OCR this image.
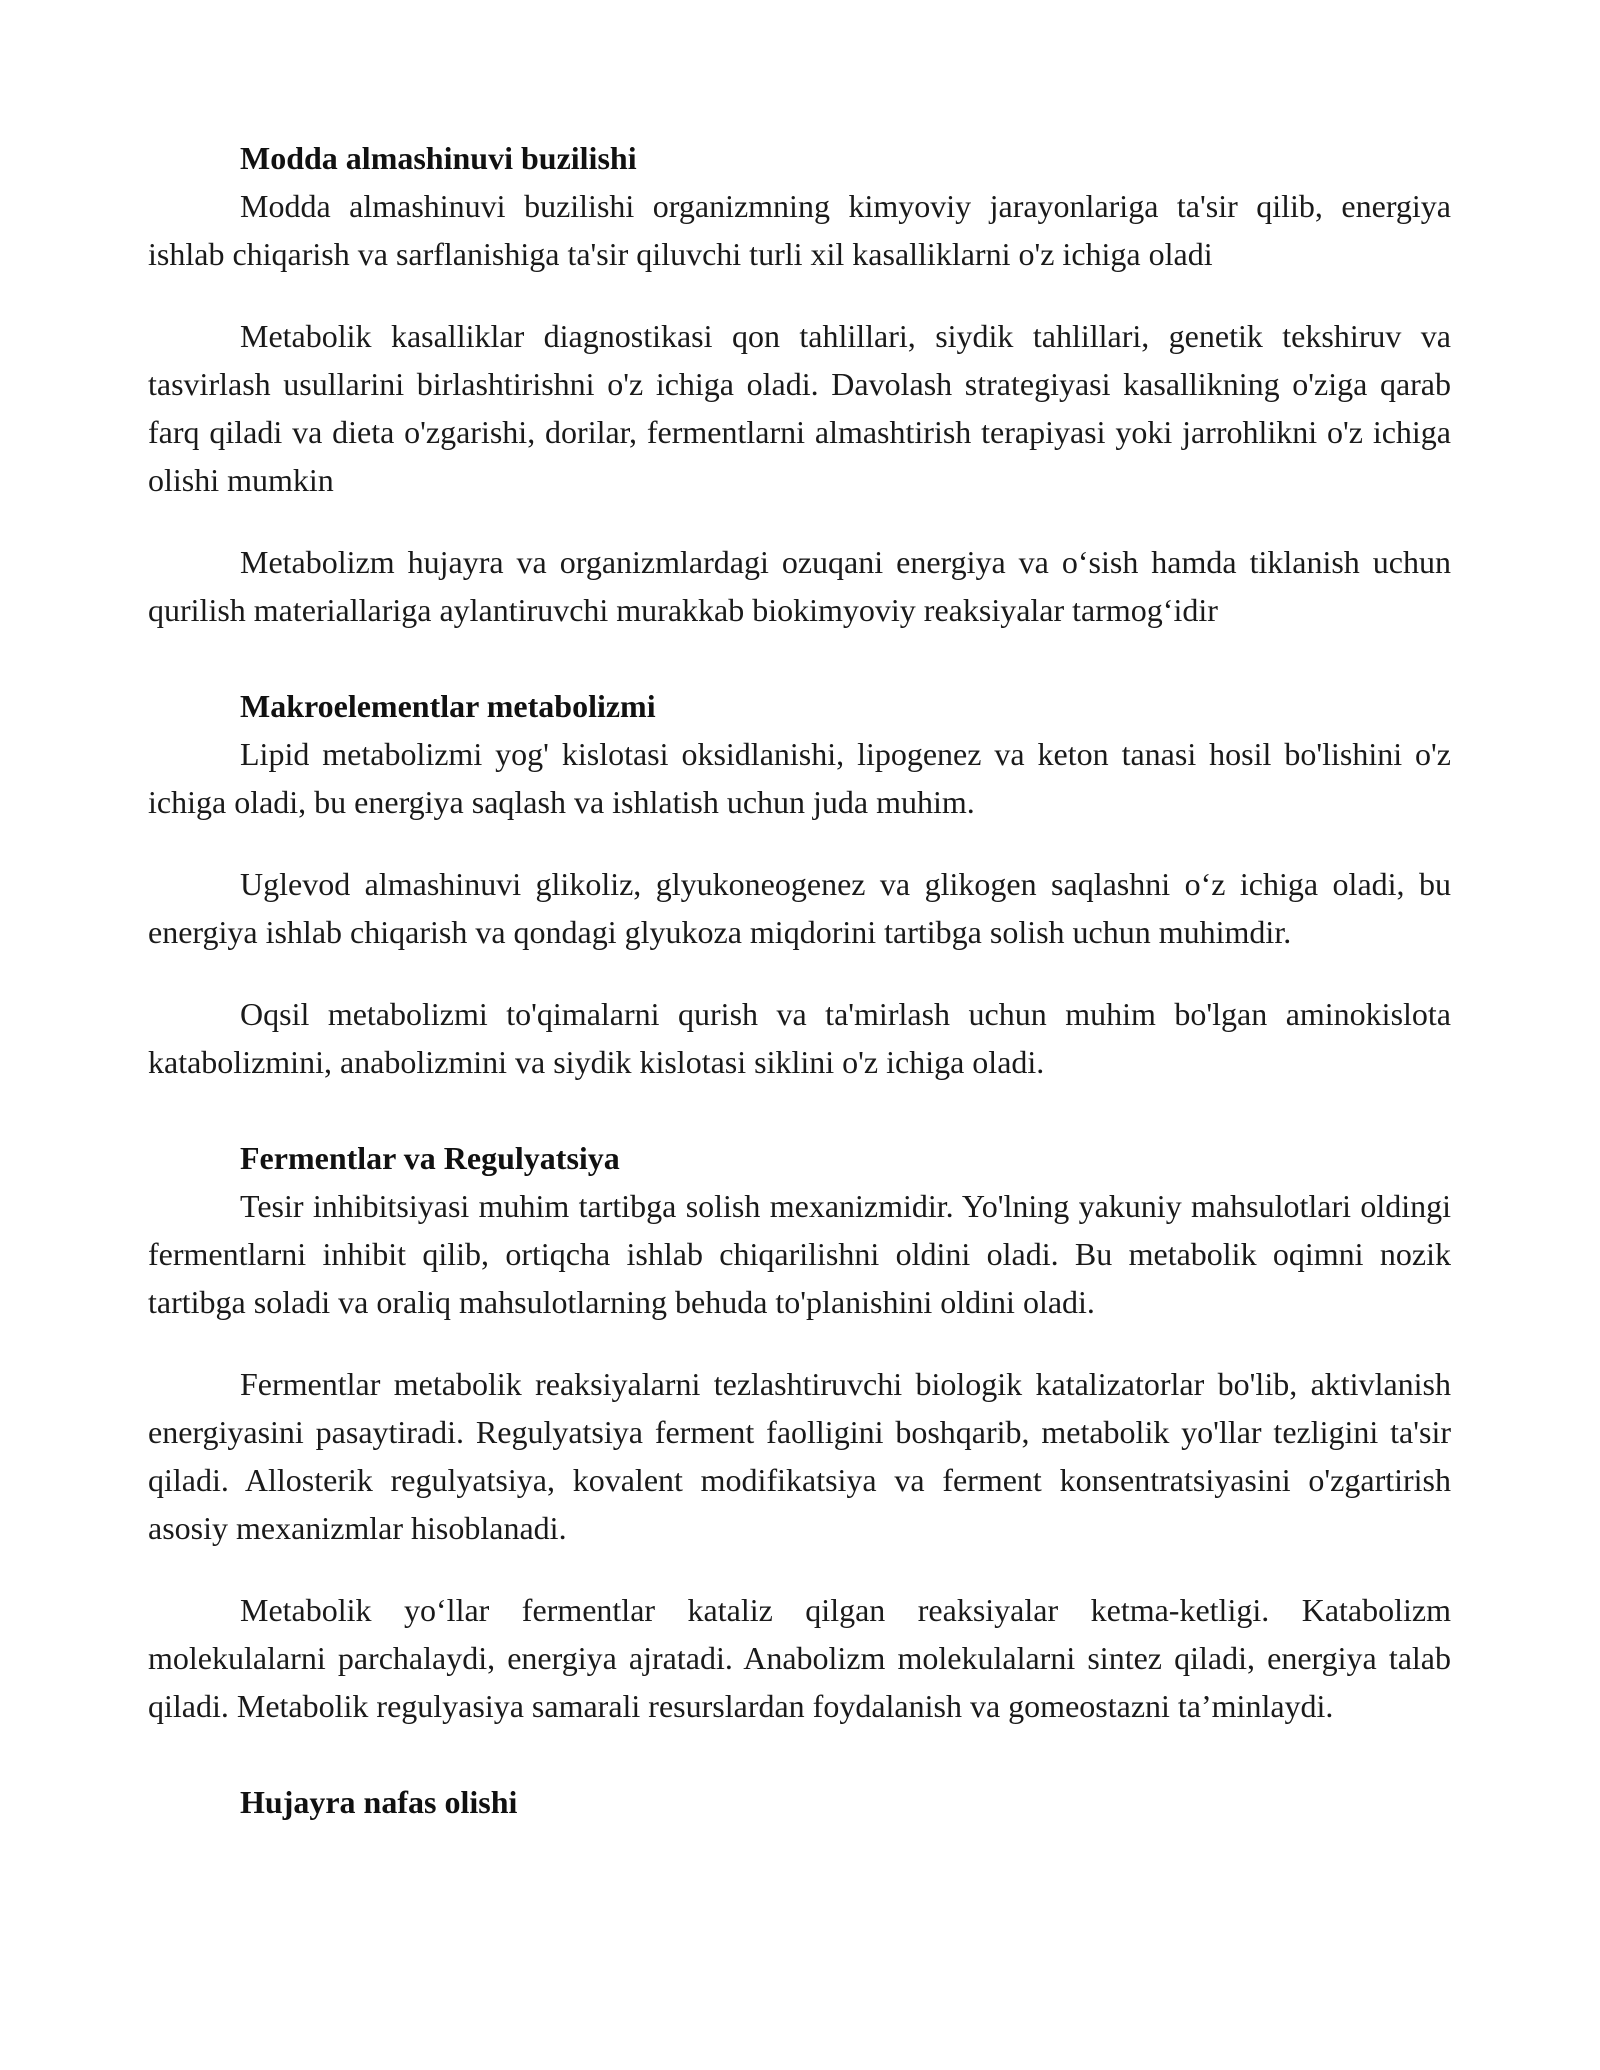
Modda almashinuvi buzilishi

Modda almashinuvi buzilishi organizmning kimyoviy jarayonlariga ta'sir qilib, energiya ishlab chiqarish va sarflanishiga ta'sir qiluvchi turli xil kasalliklarni o'z ichiga oladi

Metabolik kasalliklar diagnostikasi qon tahlillari, siydik tahlillari, genetik tekshiruv va tasvirlash usullarini birlashtirishni o'z ichiga oladi. Davolash strategiyasi kasallikning o'ziga qarab farq qiladi va dieta o'zgarishi, dorilar, fermentlarni almashtirish terapiyasi yoki jarrohlikni o'z ichiga olishi mumkin

Metabolizm hujayra va organizmlardagi ozuqani energiya va o‘sish hamda tiklanish uchun qurilish materiallariga aylantiruvchi murakkab biokimyoviy reaksiyalar tarmog‘idir

Makroelementlar metabolizmi

Lipid metabolizmi yog' kislotasi oksidlanishi, lipogenez va keton tanasi hosil bo'lishini o'z ichiga oladi, bu energiya saqlash va ishlatish uchun juda muhim.

Uglevod almashinuvi glikoliz, glyukoneogenez va glikogen saqlashni o‘z ichiga oladi, bu energiya ishlab chiqarish va qondagi glyukoza miqdorini tartibga solish uchun muhimdir.

Oqsil metabolizmi to'qimalarni qurish va ta'mirlash uchun muhim bo'lgan aminokislota katabolizmini, anabolizmini va siydik kislotasi siklini o'z ichiga oladi.

Fermentlar va Regulyatsiya

Tesir inhibitsiyasi muhim tartibga solish mexanizmidir. Yo'lning yakuniy mahsulotlari oldingi fermentlarni inhibit qilib, ortiqcha ishlab chiqarilishni oldini oladi. Bu metabolik oqimni nozik tartibga soladi va oraliq mahsulotlarning behuda to'planishini oldini oladi.

Fermentlar metabolik reaksiyalarni tezlashtiruvchi biologik katalizatorlar bo'lib, aktivlanish energiyasini pasaytiradi. Regulyatsiya ferment faolligini boshqarib, metabolik yo'llar tezligini ta'sir qiladi. Allosterik regulyatsiya, kovalent modifikatsiya va ferment konsentratsiyasini o'zgartirish asosiy mexanizmlar hisoblanadi.

Metabolik yo‘llar fermentlar kataliz qilgan reaksiyalar ketma-ketligi. Katabolizm molekulalarni parchalaydi, energiya ajratadi. Anabolizm molekulalarni sintez qiladi, energiya talab qiladi. Metabolik regulyasiya samarali resurslardan foydalanish va gomeostazni ta’minlaydi.

Hujayra nafas olishi
